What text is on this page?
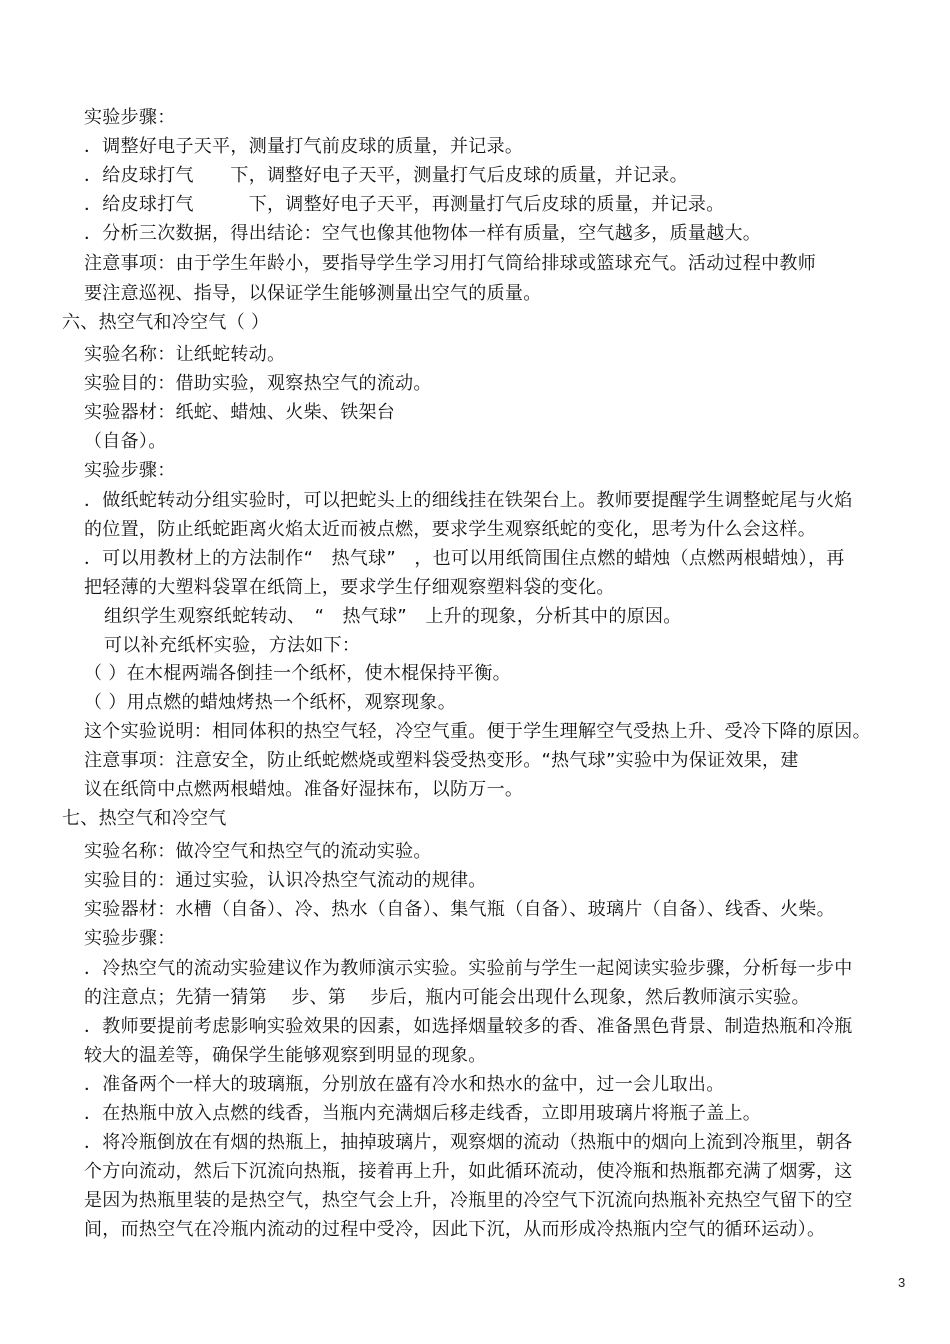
实验步骤：

．调整好电子天平，测量打气前皮球的质量，并记录。

．给皮球打气　　下，调整好电子天平，测量打气后皮球的质量，并记录。

．给皮球打气　　　下，调整好电子天平，再测量打气后皮球的质量，并记录。

．分析三次数据，得出结论：空气也像其他物体一样有质量，空气越多，质量越大。

注意事项：由于学生年龄小，要指导学生学习用打气筒给排球或篮球充气。活动过程中教师

要注意巡视、指导，以保证学生能够测量出空气的质量。

六、热空气和冷空气（ ）

实验名称：让纸蛇转动。

实验目的：借助实验，观察热空气的流动。

实验器材：纸蛇、蜡烛、火柴、铁架台

（自备）。

实验步骤：

．做纸蛇转动分组实验时，可以把蛇头上的细线挂在铁架台上。教师要提醒学生调整蛇尾与火焰

的位置，防止纸蛇距离火焰太近而被点燃，要求学生观察纸蛇的变化，思考为什么会这样。

．可以用教材上的方法制作“　热气球”　，也可以用纸筒围住点燃的蜡烛（点燃两根蜡烛），再

把轻薄的大塑料袋罩在纸筒上，要求学生仔细观察塑料袋的变化。

组织学生观察纸蛇转动、　“　热气球”　上升的现象，分析其中的原因。

可以补充纸杯实验，方法如下：

（ ）在木棍两端各倒挂一个纸杯，使木棍保持平衡。

（ ）用点燃的蜡烛烤热一个纸杯，观察现象。

这个实验说明：相同体积的热空气轻，冷空气重。便于学生理解空气受热上升、受冷下降的原因。

注意事项：注意安全，防止纸蛇燃烧或塑料袋受热变形。“热气球”实验中为保证效果，建

议在纸筒中点燃两根蜡烛。准备好湿抹布，以防万一。

七、热空气和冷空气

实验名称：做冷空气和热空气的流动实验。

实验目的：通过实验，认识冷热空气流动的规律。

实验器材：水槽（自备）、冷、热水（自备）、集气瓶（自备）、玻璃片（自备）、线香、火柴。

实验步骤：

．冷热空气的流动实验建议作为教师演示实验。实验前与学生一起阅读实验步骤，分析每一步中

的注意点；先猜一猜第　 步、第　 步后，瓶内可能会出现什么现象，然后教师演示实验。

．教师要提前考虑影响实验效果的因素，如选择烟量较多的香、准备黑色背景、制造热瓶和冷瓶

较大的温差等，确保学生能够观察到明显的现象。

．准备两个一样大的玻璃瓶，分别放在盛有冷水和热水的盆中，过一会儿取出。

．在热瓶中放入点燃的线香，当瓶内充满烟后移走线香，立即用玻璃片将瓶子盖上。

．将冷瓶倒放在有烟的热瓶上，抽掉玻璃片，观察烟的流动（热瓶中的烟向上流到冷瓶里，朝各

个方向流动，然后下沉流向热瓶，接着再上升，如此循环流动，使冷瓶和热瓶都充满了烟雾，这

是因为热瓶里装的是热空气，热空气会上升，冷瓶里的冷空气下沉流向热瓶补充热空气留下的空

间，而热空气在冷瓶内流动的过程中受冷，因此下沉，从而形成冷热瓶内空气的循环运动）。

3
